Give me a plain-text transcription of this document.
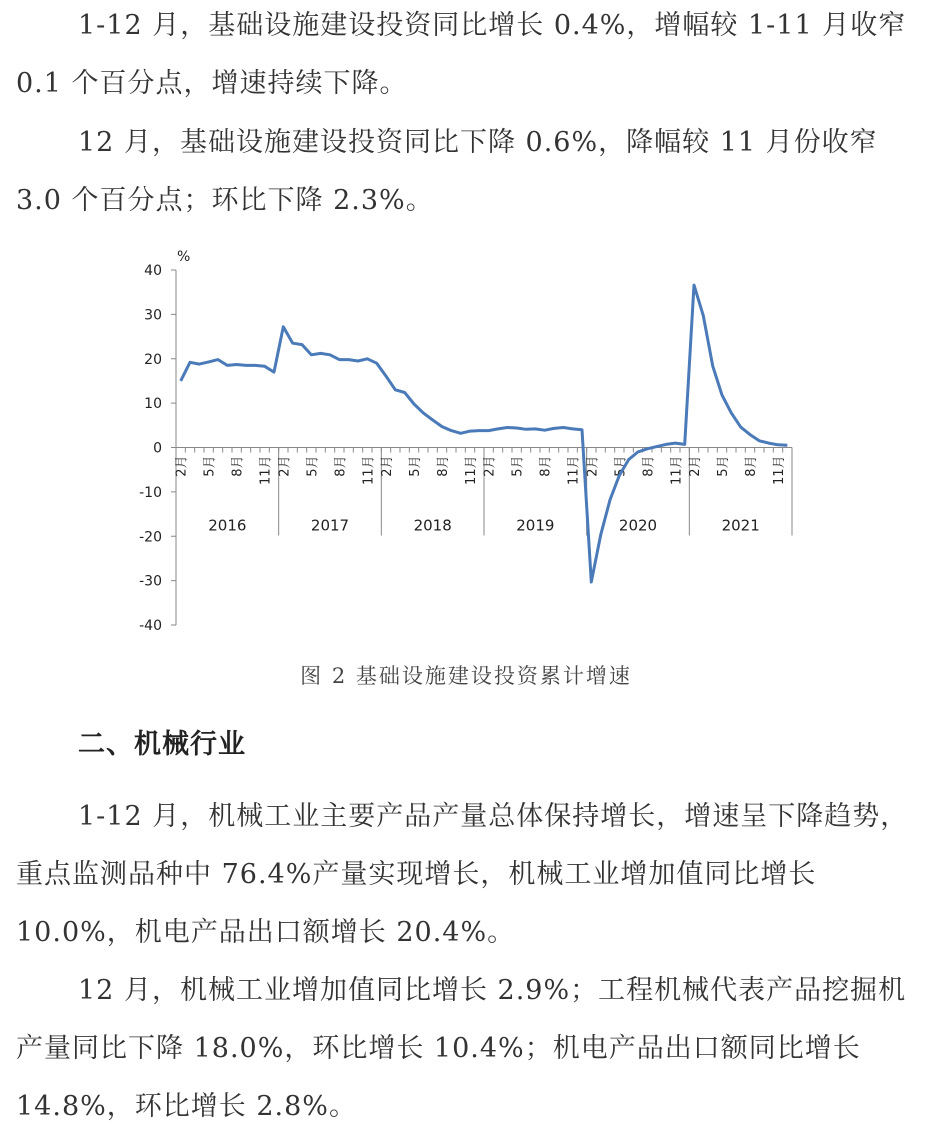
1-12 月，基础设施建设投资同比增长 0.4%，增幅较 1-11 月收窄 0.1 个百分点，增速持续下降。

12 月，基础设施建设投资同比下降 0.6%，降幅较 11 月份收窄 3.0 个百分点；环比下降 2.3%。

40
30
20
10
0
-10
-20
-30
-40
%
2016
2月 5月 8月 11月
2017
2月 5月 8月 11月
2018
2月 5月 8月 11月
2019
2月 5月 8月 11月
2020
2月 5月 8月 11月
2021
2月 5月 8月 11月
图 2 基础设施建设投资累计增速
二、机械行业

1-12 月，机械工业主要产品产量总体保持增长，增速呈下降趋势，重点监测品种中 76.4%产量实现增长，机械工业增加值同比增长 10.0%，机电产品出口额增长 20.4%。

12 月，机械工业增加值同比增长 2.9%；工程机械代表产品挖掘机产量同比下降 18.0%，环比增长 10.4%；机电产品出口额同比增长 14.8%，环比增长 2.8%。
